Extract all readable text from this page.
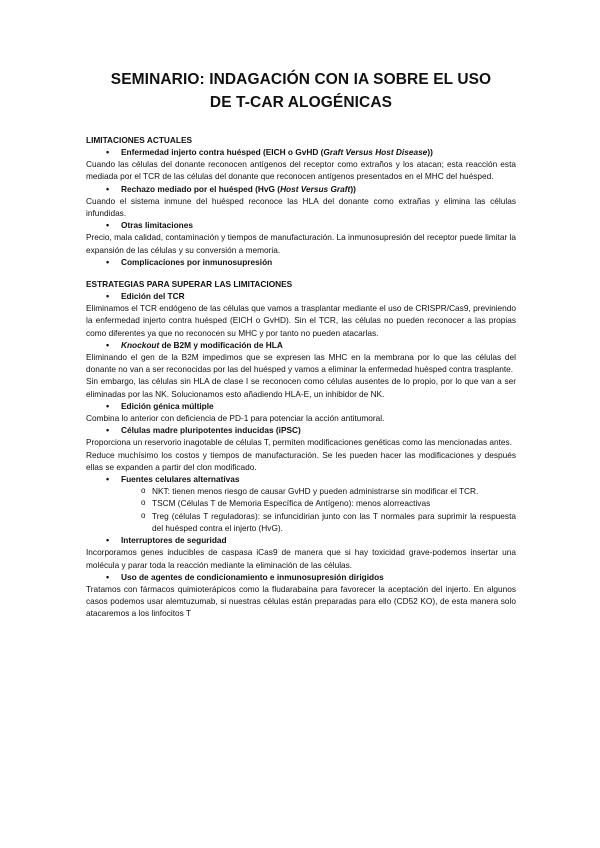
SEMINARIO: INDAGACIÓN CON IA SOBRE EL USO
DE T-CAR ALOGÉNICAS
LIMITACIONES ACTUALES
• Enfermedad injerto contra huésped (EICH o GvHD (Graft Versus Host Disease))

Cuando las células del donante reconocen antígenos del receptor como extraños y los atacan; esta reacción esta mediada por el TCR de las células del donante que reconocen antígenos presentados en el MHC del huésped.

• Rechazo mediado por el huésped (HvG (Host Versus Graft))

Cuando el sistema inmune del huésped reconoce las HLA del donante como extrañas y elimina las células infundidas.

• Otras limitaciones

Precio, mala calidad, contaminación y tiempos de manufacturación. La inmunosupresión del receptor puede limitar la expansión de las células y su conversión a memoria.

• Complicaciones por inmunosupresión
ESTRATEGIAS PARA SUPERAR LAS LIMITACIONES
• Edición del TCR

Eliminamos el TCR endógeno de las células que vamos a trasplantar mediante el uso de CRISPR/Cas9, previniendo la enfermedad injerto contra huésped (EICH o GvHD). Sin el TCR, las células no pueden reconocer a las propias como diferentes ya que no reconocen su MHC y por tanto no pueden atacarlas.

• Knockout de B2M y modificación de HLA

Eliminando el gen de la B2M impedimos que se expresen las MHC en la membrana por lo que las células del donante no van a ser reconocidas por las del huésped y vamos a eliminar la enfermedad huésped contra trasplante.

Sin embargo, las células sin HLA de clase I se reconocen como células ausentes de lo propio, por lo que van a ser eliminadas por las NK. Solucionamos esto añadiendo HLA-E, un inhibidor de NK.

• Edición génica múltiple

Combina lo anterior con deficiencia de PD-1 para potenciar la acción antitumoral.

• Células madre pluripotentes inducidas (iPSC)

Proporciona un reservorio inagotable de células T, permiten modificaciones genéticas como las mencionadas antes.

Reduce muchísimo los costos y tiempos de manufacturación. Se les pueden hacer las modificaciones y después ellas se expanden a partir del clon modificado.

• Fuentes celulares alternativas
o NKT: tienen menos riesgo de causar GvHD y pueden administrarse sin modificar el TCR.
o TSCM (Células T de Memoria Específica de Antígeno): menos alorreactivas
o Treg (células T reguladoras): se infuncidirian junto con las T normales para suprimir la respuesta del huésped contra el injerto (HvG).
• Interruptores de seguridad

Incorporamos genes inducibles de caspasa iCas9 de manera que si hay toxicidad grave-podemos insertar una molécula y parar toda la reacción mediante la eliminación de las células.

• Uso de agentes de condicionamiento e inmunosupresión dirigidos

Tratamos con fármacos quimioterápicos como la fludarabaina para favorecer la aceptación del injerto. En algunos casos podemos usar alemtuzumab, si nuestras células están preparadas para ello (CD52 KO), de esta manera solo atacaremos a los linfocitos T
